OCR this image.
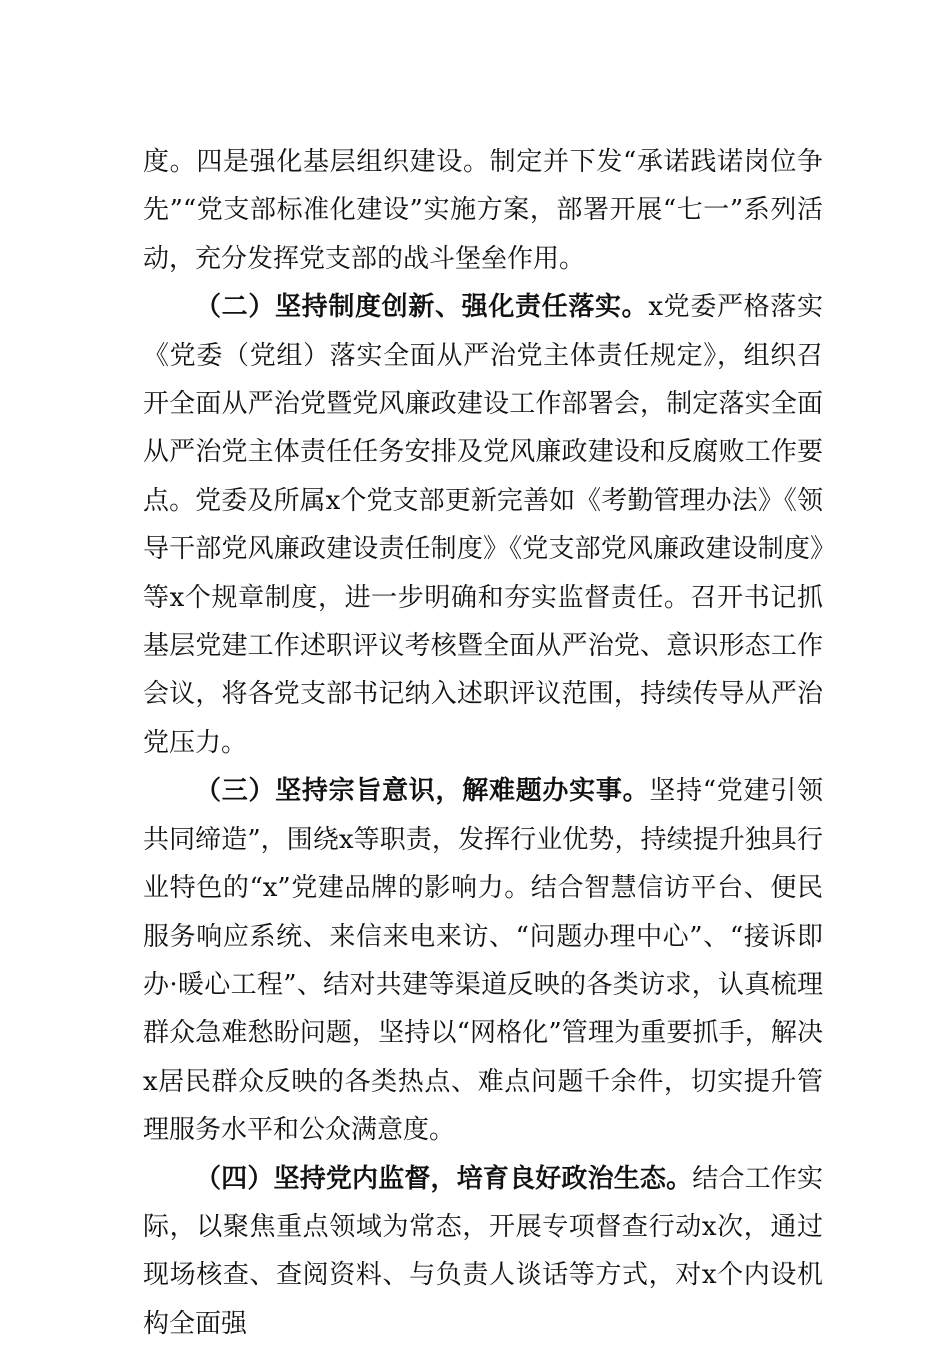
度。四是强化基层组织建设。制定并下发“承诺践诺岗位争先”“党支部标准化建设”实施方案，部署开展“七一”系列活动，充分发挥党支部的战斗堡垒作用。

（二）坚持制度创新、强化责任落实。x党委严格落实《党委（党组）落实全面从严治党主体责任规定》，组织召开全面从严治党暨党风廉政建设工作部署会，制定落实全面从严治党主体责任任务安排及党风廉政建设和反腐败工作要点。党委及所属x个党支部更新完善如《考勤管理办法》《领导干部党风廉政建设责任制度》《党支部党风廉政建设制度》等x个规章制度，进一步明确和夯实监督责任。召开书记抓基层党建工作述职评议考核暨全面从严治党、意识形态工作会议，将各党支部书记纳入述职评议范围，持续传导从严治党压力。

（三）坚持宗旨意识，解难题办实事。坚持“党建引领共同缔造”，围绕x等职责，发挥行业优势，持续提升独具行业特色的“x”党建品牌的影响力。结合智慧信访平台、便民服务响应系统、来信来电来访、“问题办理中心”、“接诉即办·暖心工程”、结对共建等渠道反映的各类访求，认真梳理群众急难愁盼问题，坚持以“网格化”管理为重要抓手，解决x居民群众反映的各类热点、难点问题千余件，切实提升管理服务水平和公众满意度。

（四）坚持党内监督，培育良好政治生态。结合工作实际，以聚焦重点领域为常态，开展专项督查行动x次，通过现场核查、查阅资料、与负责人谈话等方式，对x个内设机构全面强
